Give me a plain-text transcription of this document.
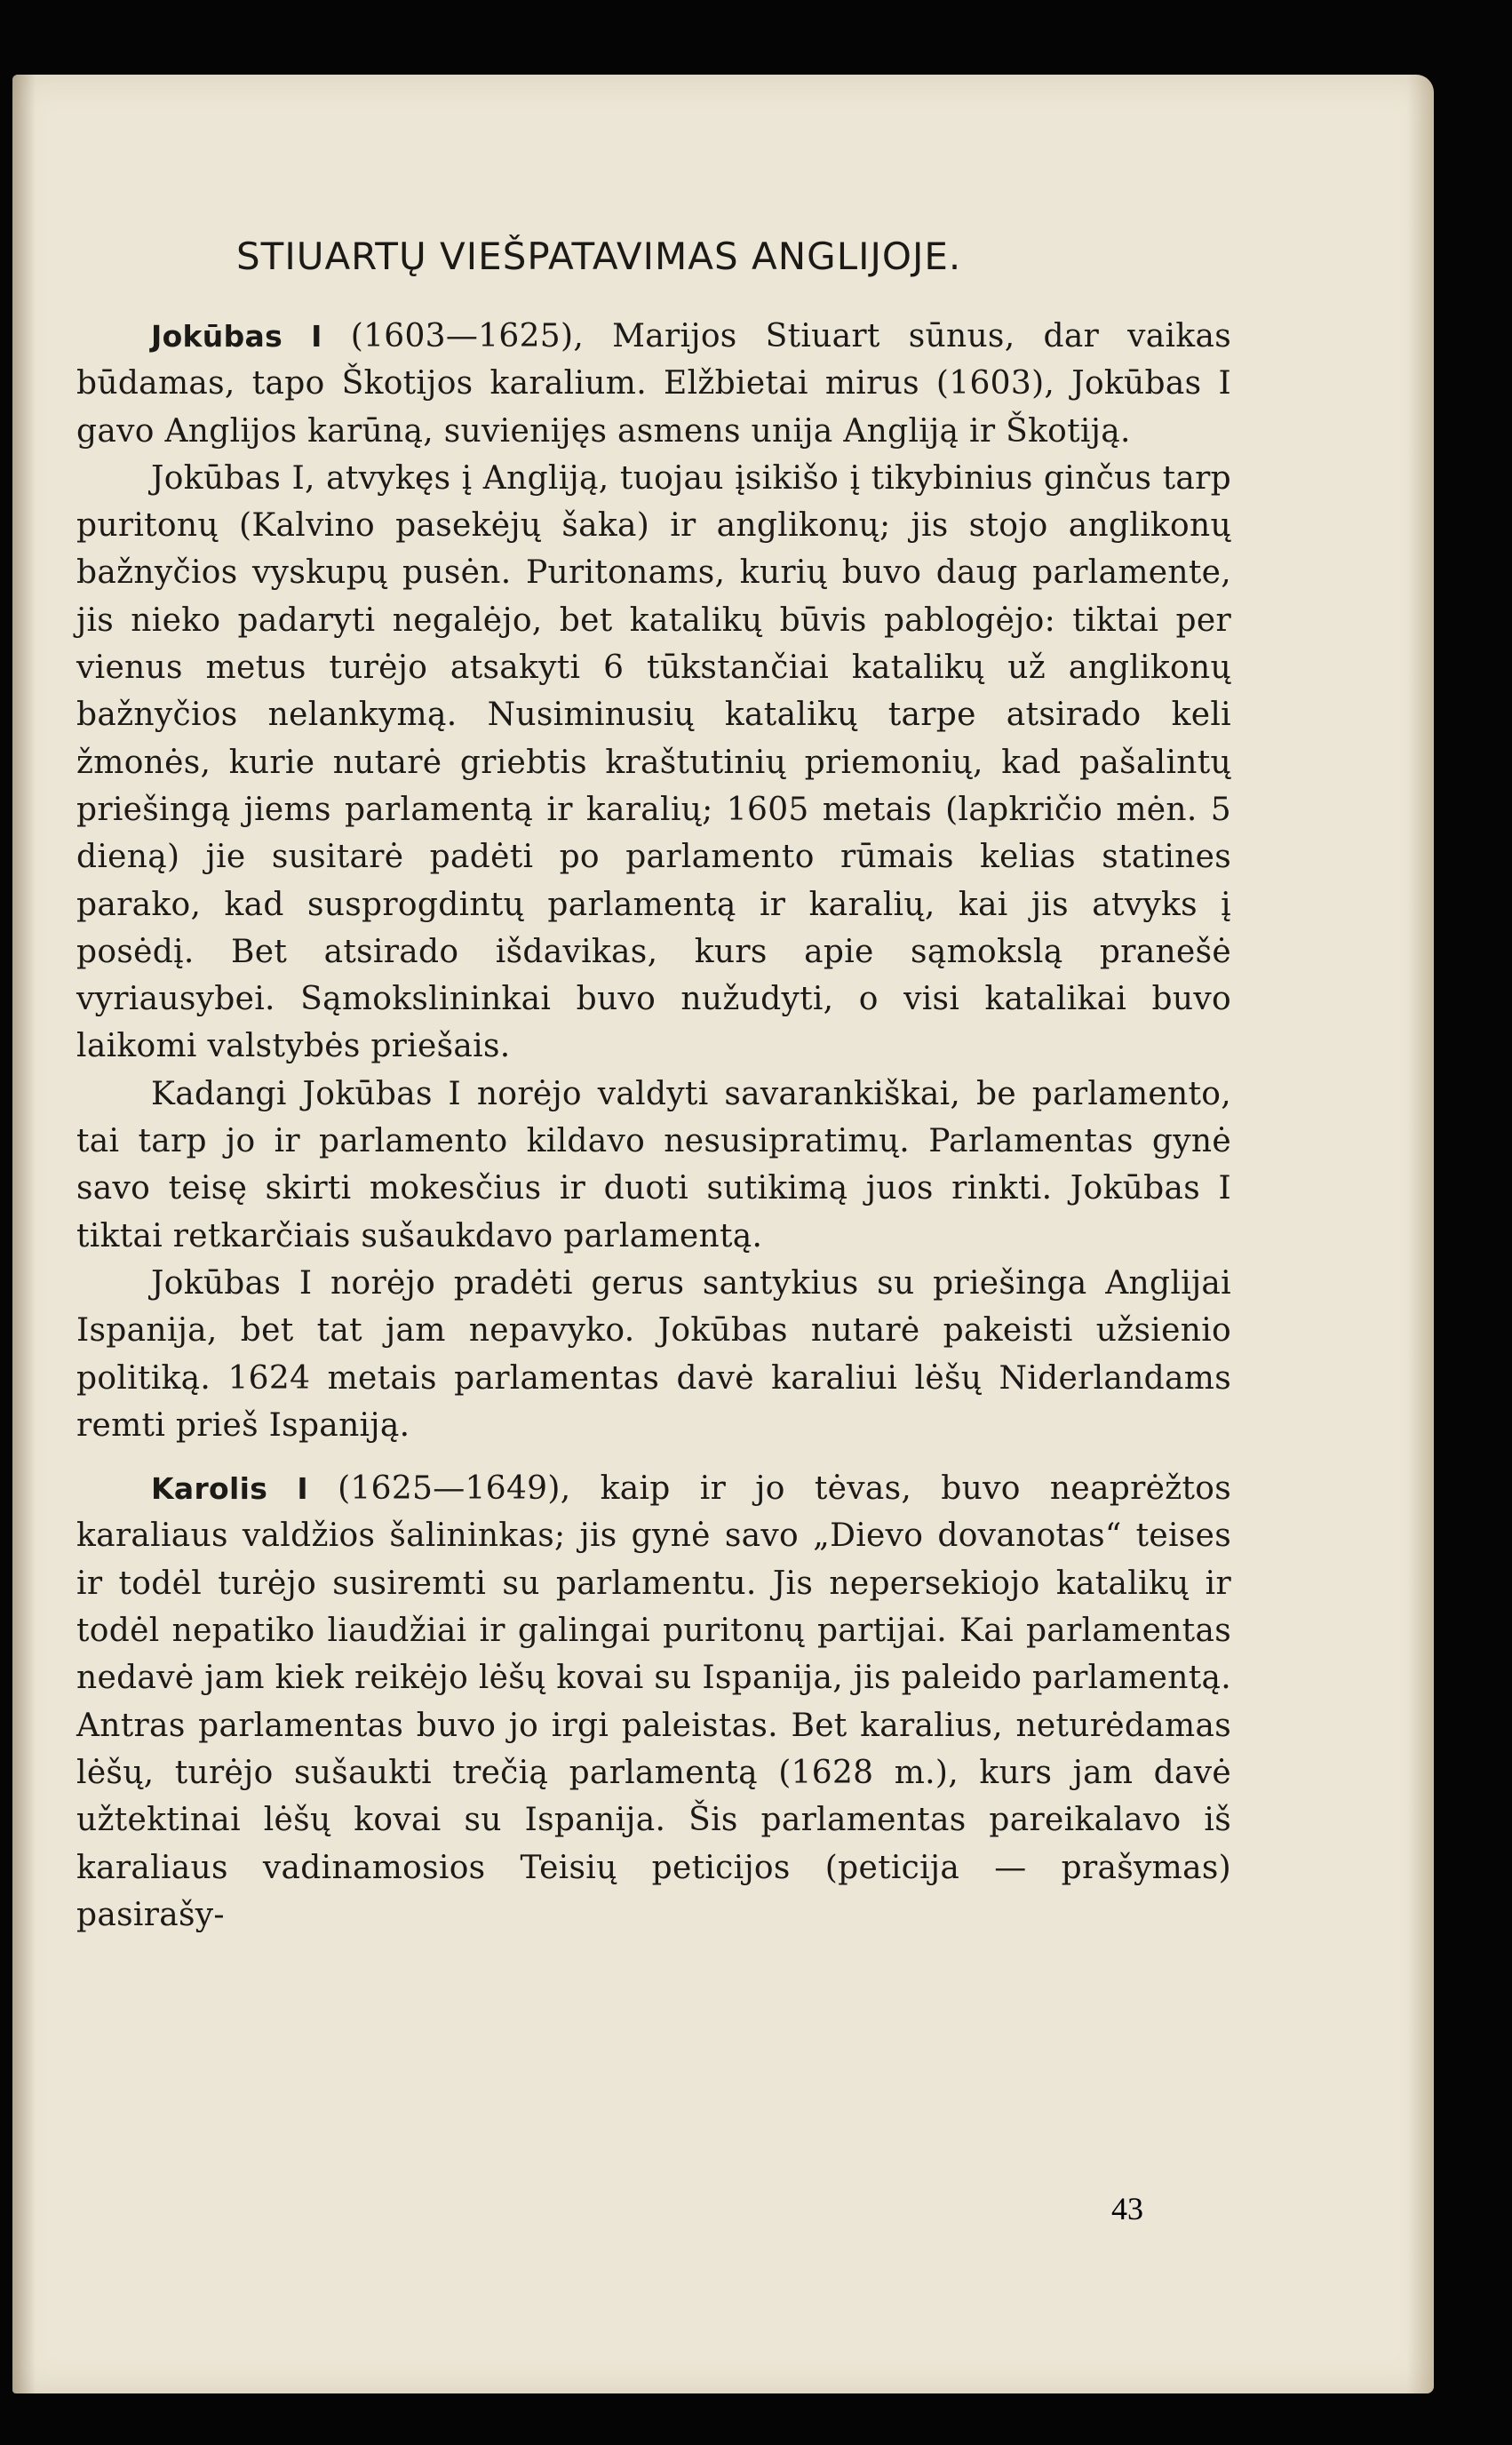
STIUARTŲ VIEŠPATAVIMAS ANGLIJOJE.

Jokūbas I (1603—1625), Marijos Stiuart sūnus, dar vaikas būdamas, tapo Škotijos karalium. Elžbietai mirus (1603), Jokūbas I gavo Anglijos karūną, suvienijęs asmens unija Angliją ir Škotiją.

Jokūbas I, atvykęs į Angliją, tuojau įsikišo į tikybinius ginčus tarp puritonų (Kalvino pasekėjų šaka) ir anglikonų; jis stojo anglikonų bažnyčios vyskupų pusėn. Puritonams, kurių buvo daug parlamente, jis nieko padaryti negalėjo, bet katalikų būvis pablogėjo: tiktai per vienus metus turėjo atsakyti 6 tūkstančiai katalikų už anglikonų bažnyčios nelankymą. Nusiminusių katalikų tarpe atsirado keli žmonės, kurie nutarė griebtis kraštutinių priemonių, kad pašalintų priešingą jiems parlamentą ir karalių; 1605 metais (lapkričio mėn. 5 dieną) jie susitarė padėti po parlamento rūmais kelias statines parako, kad susprogdintų parlamentą ir karalių, kai jis atvyks į posėdį. Bet atsirado išdavikas, kurs apie sąmokslą pranešė vyriausybei. Sąmokslininkai buvo nužudyti, o visi katalikai buvo laikomi valstybės priešais.

Kadangi Jokūbas I norėjo valdyti savarankiškai, be parlamento, tai tarp jo ir parlamento kildavo nesusipratimų. Parlamentas gynė savo teisę skirti mokesčius ir duoti sutikimą juos rinkti. Jokūbas I tiktai retkarčiais sušaukdavo parlamentą.

Jokūbas I norėjo pradėti gerus santykius su priešinga Anglijai Ispanija, bet tat jam nepavyko. Jokūbas nutarė pakeisti užsienio politiką. 1624 metais parlamentas davė karaliui lėšų Niderlandams remti prieš Ispaniją.

Karolis I (1625—1649), kaip ir jo tėvas, buvo neaprėžtos karaliaus valdžios šalininkas; jis gynė savo „Dievo dovanotas“ teises ir todėl turėjo susiremti su parlamentu. Jis nepersekiojo katalikų ir todėl nepatiko liaudžiai ir galingai puritonų partijai. Kai parlamentas nedavė jam kiek reikėjo lėšų kovai su Ispanija, jis paleido parlamentą. Antras parlamentas buvo jo irgi paleistas. Bet karalius, neturėdamas lėšų, turėjo sušaukti trečią parlamentą (1628 m.), kurs jam davė užtektinai lėšų kovai su Ispanija. Šis parlamentas pareikalavo iš karaliaus vadinamosios Teisių peticijos (peticija — prašymas) pasirašy-

43
